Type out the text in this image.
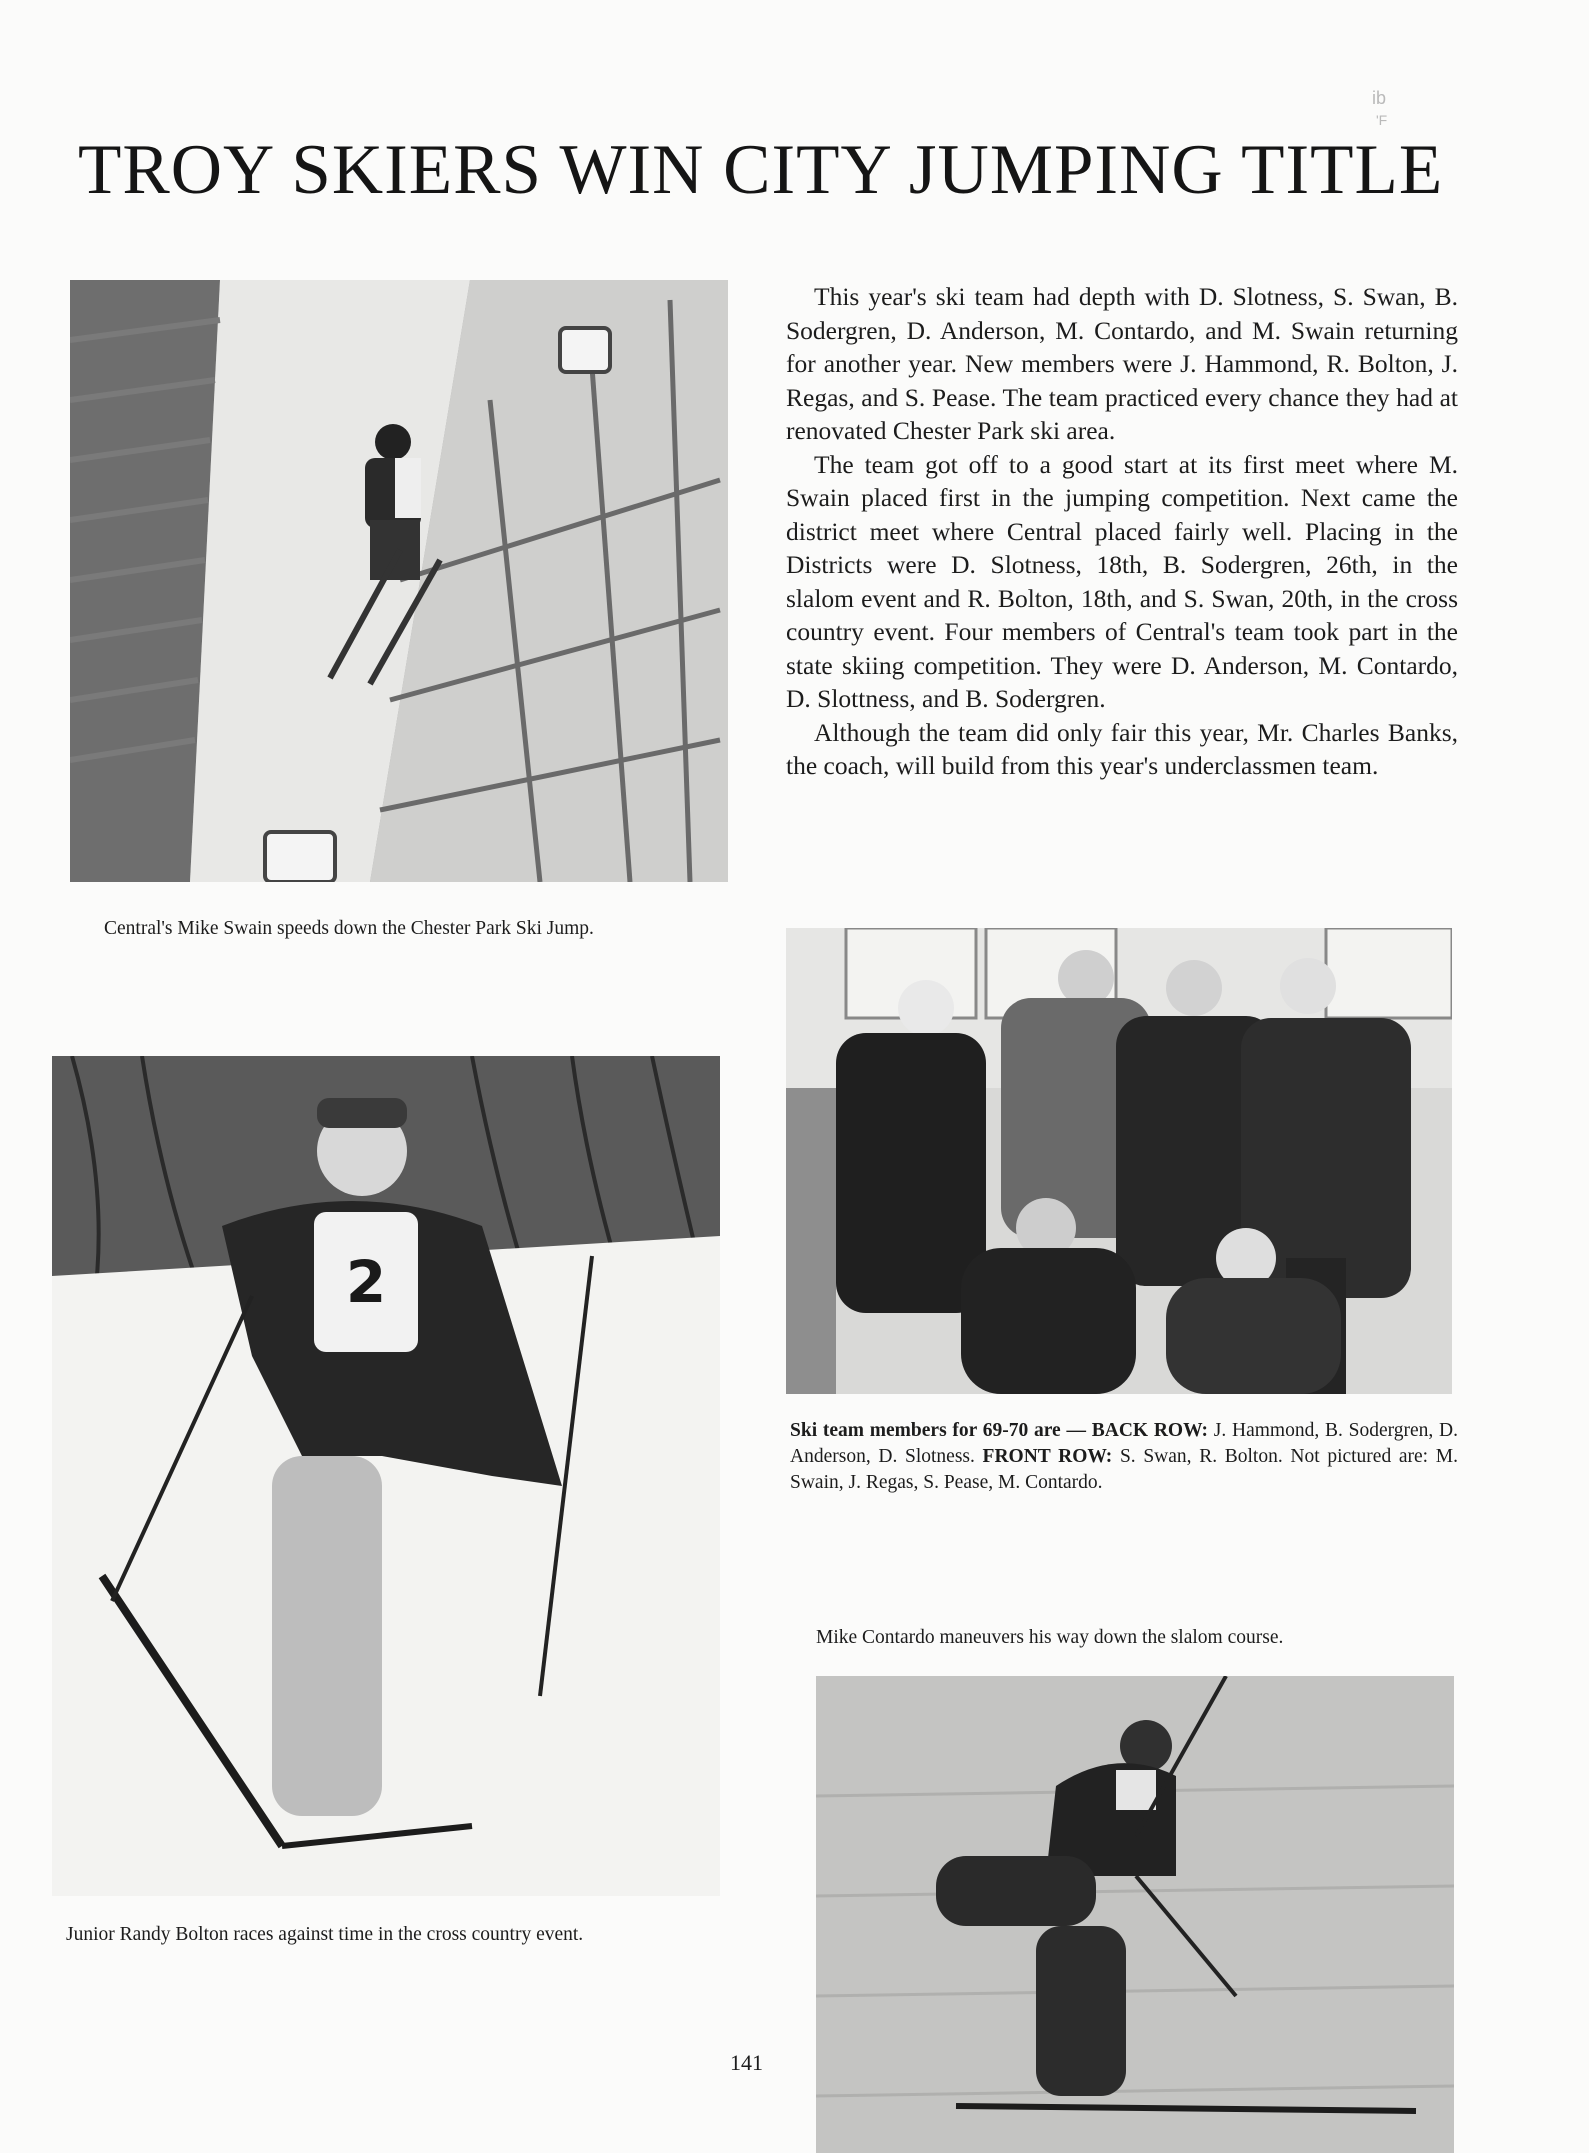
TROY SKIERS WIN CITY JUMPING TITLE
ib
'F
Central's Mike Swain speeds down the Chester Park Ski Jump.

This year's ski team had depth with D. Slotness, S. Swan, B. Sodergren, D. Anderson, M. Contardo, and M. Swain returning for another year. New members were J. Hammond, R. Bolton, J. Regas, and S. Pease. The team practiced every chance they had at renovated Chester Park ski area.

The team got off to a good start at its first meet where M. Swain placed first in the jumping competition. Next came the district meet where Central placed fairly well. Placing in the Districts were D. Slotness, 18th, B. Sodergren, 26th, in the slalom event and R. Bolton, 18th, and S. Swan, 20th, in the cross country event. Four members of Central's team took part in the state skiing competition. They were D. Anderson, M. Contardo, D. Slottness, and B. Sodergren.

Although the team did only fair this year, Mr. Charles Banks, the coach, will build from this year's underclassmen team.

Ski team members for 69-70 are — BACK ROW: J. Hammond, B. Sodergren, D. Anderson, D. Slotness. FRONT ROW: S. Swan, R. Bolton. Not pictured are: M. Swain, J. Regas, S. Pease, M. Contardo.
2
Junior Randy Bolton races against time in the cross country event.
Mike Contardo maneuvers his way down the slalom course.
141
